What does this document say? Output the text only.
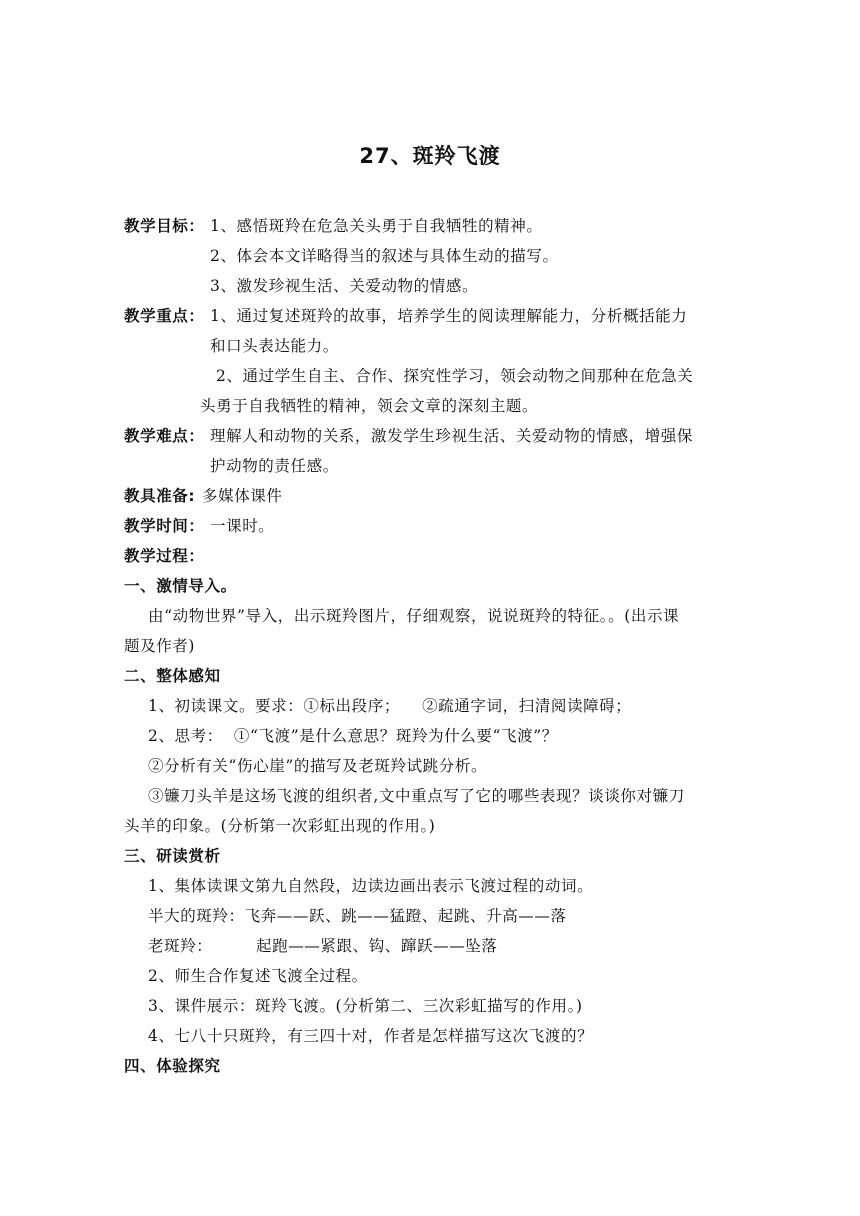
27、斑羚飞渡
教学目标： 1、感悟斑羚在危急关头勇于自我牺牲的精神。
2、体会本文详略得当的叙述与具体生动的描写。
3、激发珍视生活、关爱动物的情感。
教学重点： 1、通过复述斑羚的故事，培养学生的阅读理解能力，分析概括能力
和口头表达能力。
2、通过学生自主、合作、探究性学习，领会动物之间那种在危急关
头勇于自我牺牲的精神，领会文章的深刻主题。
教学难点： 理解人和动物的关系，激发学生珍视生活、关爱动物的情感，增强保
护动物的责任感。
教具准备: 多媒体课件
教学时间： 一课时。
教学过程：
一、激情导入。
由“动物世界”导入，出示斑羚图片，仔细观察，说说斑羚的特征。。(出示课
题及作者)
二、整体感知
1、初读课文。要求：①标出段序；    ②疏通字词，扫清阅读障碍；
2、思考：  ①“飞渡”是什么意思？斑羚为什么要“飞渡”？
②分析有关“伤心崖”的描写及老斑羚试跳分析。
③镰刀头羊是这场飞渡的组织者,文中重点写了它的哪些表现？谈谈你对镰刀
头羊的印象。(分析第一次彩虹出现的作用。)
三、研读赏析
1、集体读课文第九自然段，边读边画出表示飞渡过程的动词。
半大的斑羚：飞奔——跃、跳——猛蹬、起跳、升高——落
老斑羚：	起跑——紧跟、钩、蹿跃——坠落
2、师生合作复述飞渡全过程。
3、课件展示：斑羚飞渡。(分析第二、三次彩虹描写的作用。)
4、七八十只斑羚，有三四十对，作者是怎样描写这次飞渡的？
四、体验探究
